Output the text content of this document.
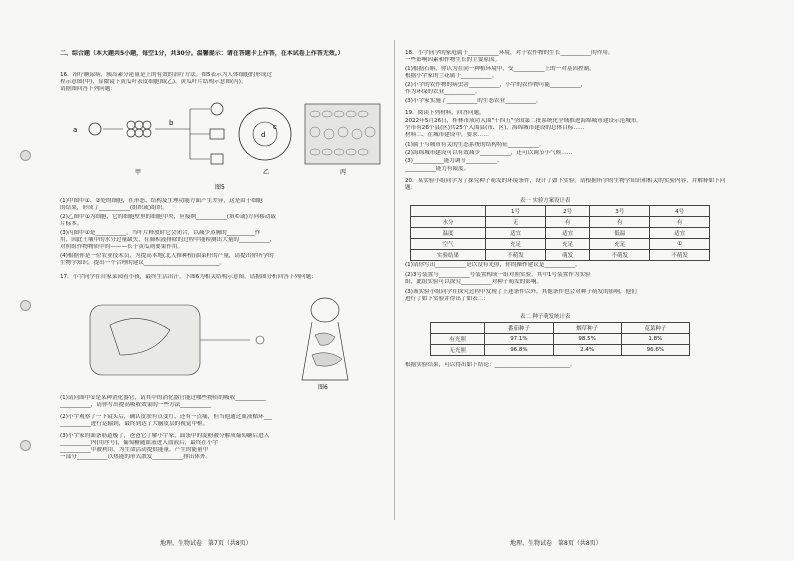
二、综合题（本大题共5小题，每空1分，共30分。温馨提示：请在答题卡上作答，在本试卷上作答无效。）
16．治疗糖尿病，胰岛素分泌量是上的有效的治疗方法。图5表示为人体细胞的形成过
程示意图(甲)，显微镜下黄瓜叶表皮细胞图(乙)、黄瓜叶片结构示意图(丙)。
请据图回答下列问题：
a
b
甲
d
c
乙	丙
图5
(1)甲图中①、②处的细胞，在形态、结构及生理功能方面产生差异，这是由于细胞
的结果，形成了___________(组织或)组织。
(2)乙图中①为细胞，它的细胞壁里的细胞中央，应接纳___________(填©或)方向移动载
片标本。
(3)丙图中①是___________，当叶片释放时它会闭合，以减少蒸腾的__________作
用，因此土壤中的水分过量缺失，在肺积液排除的过程中能检测出大量的___________，
对照组作物物质中的———长于黄瓜则要果作用。
(4)根据你是一位农业技术员，为提高本地(北人推种植)油菜籽的产量，请提出你所学的
生物学知识，提出一个合理的建议___________________________。
17．小宇同学在自家菜园看小孩，最终生活出汗。下图6为相关结构示意图，请据图分析回答下列问题：
图6
(1)请问图中①是某种消化器官，请其中的消化器官能过哪些物质的吸收___________
___________，请你写出提高吸收效果的一些方法___________
(2)小宇观察了一下镜头后，确认皮肤有点变红，还有一点痛，但当他通过血液循环___
___________进行运输到，最终到达了大脑皮层的视觉中枢。
(3)小宇家的面条筋道极了，爸爸它了解小宇家，面条中的淀粉被分解成葡萄糖后进入
___________内(用序号)，葡萄糖随血液进入血液后，最终在小宇
___________中被利用，为生命活动提供能量。产生的能量中
一部分___________以热能的形式散发___________排出体外。
地理、生物试卷　第7页（共8页）
18．小宇同学的家庭属于___________环境，对于农作物的生长___________的作用。
一些影响因素和作物生长的主要原因。
(1)根据石斛，你认为在同一种植环境中，受___________上的一对基因控制，
根据小宇家的兰花属于___________。
(2)小宇的农作物的病虫害___________，小宇的农作物可能___________，
作为环保的农业___________。
(3)小宇家实施了___________的生态农业___________。
19．阅读下列材料，回答问题。
2022年5月26日，桂林市成功入围"十四五"全国第二批系统化全域推进海绵城市建设示范城市。
全市有26个县(区)共25个入围县(市、区)，海绵城市建设的总体目标……
材料二、在城市建设中，要求……
(1)属于与城市有关的生态系统的结构特征___________。
(2)海绵城市建设可以有效减少___________，还可以调节小气候……
(3)___________能力调节___________。
___________能力有限度。
20．某实验小组同学为了探究种子萌发的环境条件，设计了如下实验。请根据所学的生物学知识和相关的实验内容，并解释如下问题：
表一 实验方案设计表
	1号	2号	3号	4号
水分	无	有	有	有
温度	适宜	适宜	低温	适宜
空气	充足	充足	充足	①
实验结果	不萌发	萌发	不萌发	不萌发
(1)请你写出___________是以没有光照，你的操作建议是___________。
(2)3号装置与___________号装置构成一组对照实验，其中1号装置作为实验
组，此组实验可以探究___________对种子萌发的影响。
(3)该实验小组同学在探究过程中发现了上述条件以外，其他条件也会对种子萌发的影响，他们
进行了如下实验并得出了如表二：
表二 种子萌发统计表
	番茄种子	烟草种子	苋菜种子
有光照	97.1%	98.5%	1.8%
无光照	96.8%	2.4%	96.6%
根据实验结果，可以得出如下结论：___________________________。
地理、生物试卷　第8页（共8页）
